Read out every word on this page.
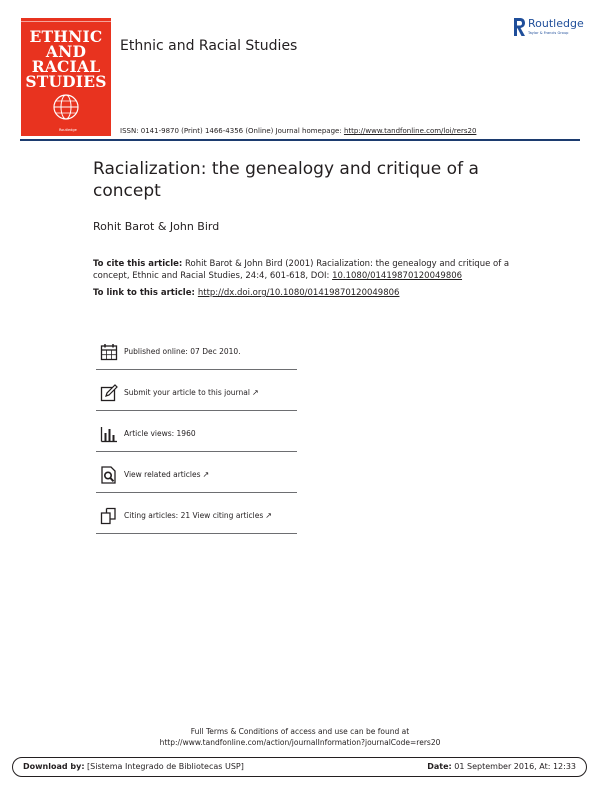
ETHNIC
AND
RACIAL
STUDIES
Routledge
Ethnic and Racial Studies
Routledge
Taylor & Francis Group
ISSN: 0141-9870 (Print) 1466-4356 (Online) Journal homepage: http://www.tandfonline.com/loi/rers20
Racialization: the genealogy and critique of a concept
Rohit Barot & John Bird
To cite this article: Rohit Barot & John Bird (2001) Racialization: the genealogy and critique of a concept, Ethnic and Racial Studies, 24:4, 601-618, DOI: 10.1080/01419870120049806
To link to this article: http://dx.doi.org/10.1080/01419870120049806
Published online: 07 Dec 2010.
Submit your article to this journal ↗
Article views: 1960
View related articles ↗
Citing articles: 21 View citing articles ↗
Full Terms & Conditions of access and use can be found at
http://www.tandfonline.com/action/journalInformation?journalCode=rers20
Download by: [Sistema Integrado de Bibliotecas USP]	Date: 01 September 2016, At: 12:33
